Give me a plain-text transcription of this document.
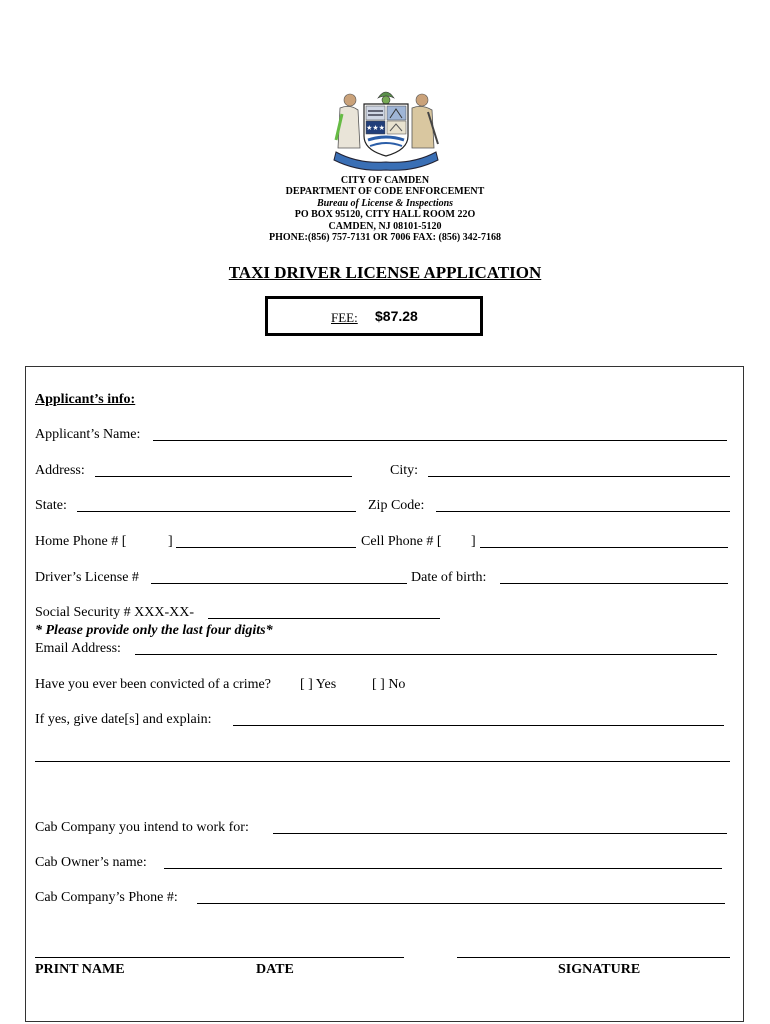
★★★
CITY OF CAMDEN
DEPARTMENT OF CODE ENFORCEMENT
Bureau of License & Inspections
PO BOX 95120, CITY HALL ROOM 22O
CAMDEN, NJ 08101-5120
PHONE:(856) 757-7131 OR 7006 FAX: (856) 342-7168
TAXI DRIVER LICENSE APPLICATION
FEE: $87.28
Applicant’s info:
Applicant’s Name:
Address:	City:
State:	Zip Code:
Home Phone # [	]	Cell Phone # [ ]
Driver’s License #	Date of birth:
Social Security # XXX-XX-
* Please provide only the last four digits*
Email Address:
Have you ever been convicted of a crime? [ ] Yes	[ ] No
If yes, give date[s] and explain:
Cab Company you intend to work for:
Cab Owner’s name:
Cab Company’s Phone #:
PRINT NAME	DATE	SIGNATURE
